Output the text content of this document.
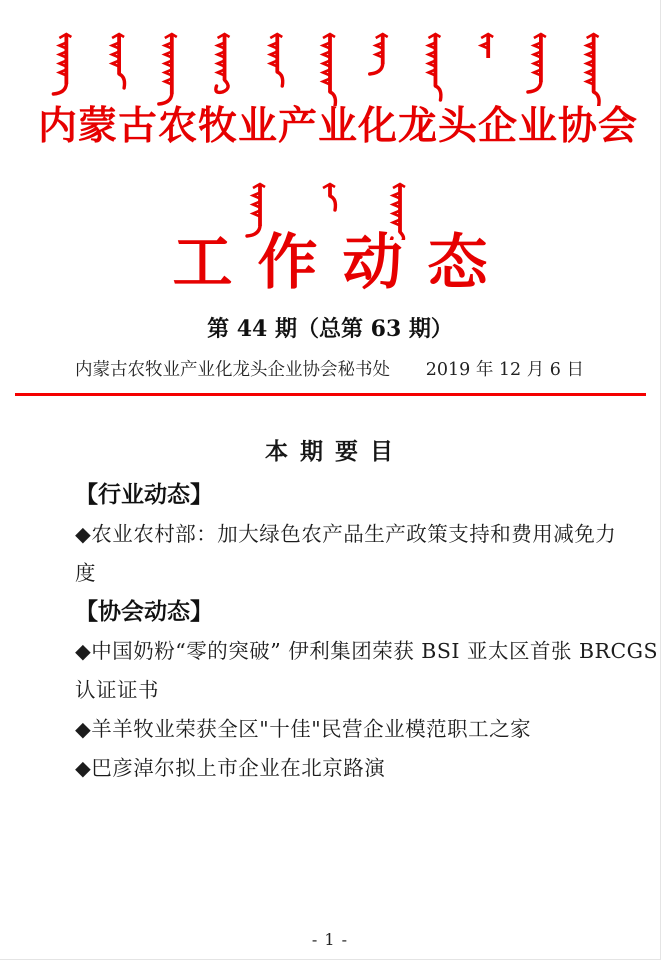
内蒙古农牧业产业化龙头企业协会
工作动态
第 44 期（总第 63 期）
内蒙古农牧业产业化龙头企业协会秘书处 2019 年 12 月 6 日
本 期 要 目
【行业动态】
◆农业农村部：加大绿色农产品生产政策支持和费用减免力
度
【协会动态】
◆中国奶粉“零的突破” 伊利集团荣获 BSI 亚太区首张 BRCGS
认证证书
◆羊羊牧业荣获全区"十佳"民营企业模范职工之家
◆巴彦淖尔拟上市企业在北京路演
- 1 -
